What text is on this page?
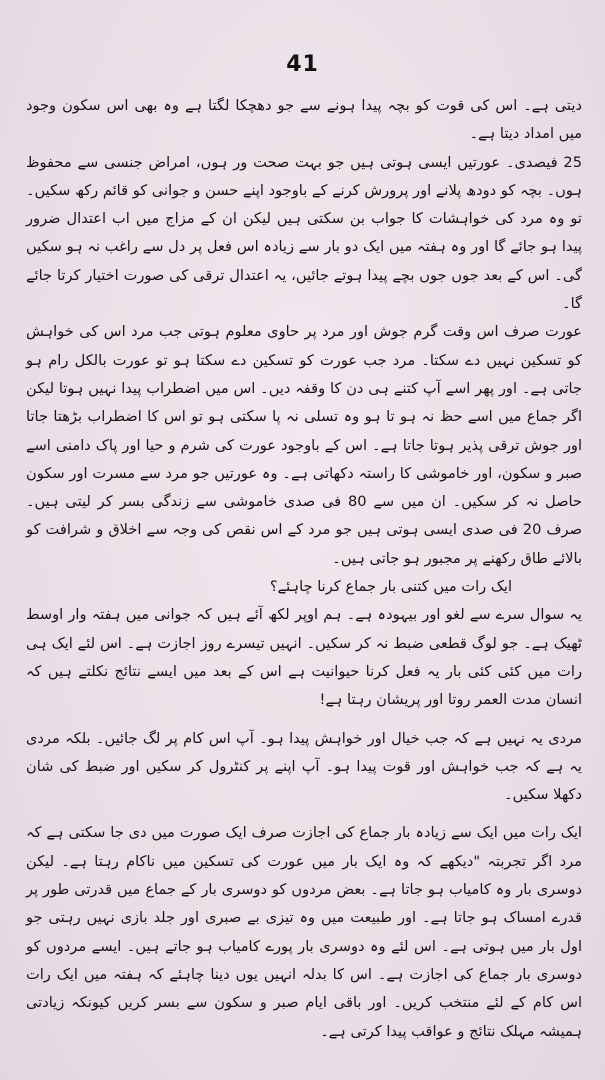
41

دیتی ہے۔ اس کی قوت کو بچہ پیدا ہونے سے جو دھچکا لگتا ہے وہ بھی اس سکون وجود میں امداد دیتا ہے۔

25 فیصدی۔ عورتیں ایسی ہوتی ہیں جو بہت صحت ور ہوں، امراض جنسی سے محفوظ ہوں۔ بچہ کو دودھ پلانے اور پرورش کرنے کے باوجود اپنے حسن و جوانی کو قائم رکھ سکیں۔ تو وہ مرد کی خواہشات کا جواب بن سکتی ہیں لیکن ان کے مزاج میں اب اعتدال ضرور پیدا ہو جائے گا اور وہ ہفتہ میں ایک دو بار سے زیادہ اس فعل پر دل سے راغب نہ ہو سکیں گی۔ اس کے بعد جوں جوں بچے پیدا ہوتے جائیں، یہ اعتدال ترقی کی صورت اختیار کرتا جائے گا۔

عورت صرف اس وقت گرم جوش اور مرد پر حاوی معلوم ہوتی جب مرد اس کی خواہش کو تسکین نہیں دے سکتا۔ مرد جب عورت کو تسکین دے سکتا ہو تو عورت بالکل رام ہو جاتی ہے۔ اور پھر اسے آپ کتنے ہی دن کا وقفہ دیں۔ اس میں اضطراب پیدا نہیں ہوتا لیکن اگر جماع میں اسے حظ نہ ہو تا ہو وہ تسلی نہ پا سکتی ہو تو اس کا اضطراب بڑھتا جاتا اور جوش ترقی پذیر ہوتا جاتا ہے۔ اس کے باوجود عورت کی شرم و حیا اور پاک دامنی اسے صبر و سکون، اور خاموشی کا راستہ دکھاتی ہے۔ وہ عورتیں جو مرد سے مسرت اور سکون حاصل نہ کر سکیں۔ ان میں سے 80 فی صدی خاموشی سے زندگی بسر کر لیتی ہیں۔ صرف 20 فی صدی ایسی ہوتی ہیں جو مرد کے اس نقص کی وجہ سے اخلاق و شرافت کو بالائے طاق رکھنے پر مجبور ہو جاتی ہیں۔

ایک رات میں کتنی بار جماع کرنا چاہئے؟

یہ سوال سرے سے لغو اور بیہودہ ہے۔ ہم اوپر لکھ آئے ہیں کہ جوانی میں ہفتہ وار اوسط ٹھیک ہے۔ جو لوگ قطعی ضبط نہ کر سکیں۔ انہیں تیسرے روز اجازت ہے۔ اس لئے ایک ہی رات میں کئی کئی بار یہ فعل کرنا حیوانیت ہے اس کے بعد میں ایسے نتائج نکلتے ہیں کہ انسان مدت العمر روتا اور پریشان رہتا ہے!

مردی یہ نہیں ہے کہ جب خیال اور خواہش پیدا ہو۔ آپ اس کام پر لگ جائیں۔ بلکہ مردی یہ ہے کہ جب خواہش اور قوت پیدا ہو۔ آپ اپنے پر کنٹرول کر سکیں اور ضبط کی شان دکھلا سکیں۔

ایک رات میں ایک سے زیادہ بار جماع کی اجازت صرف ایک صورت میں دی جا سکتی ہے کہ مرد اگر تجربتہ "دیکھے کہ وہ ایک بار میں عورت کی تسکین میں ناکام رہتا ہے۔ لیکن دوسری بار وہ کامیاب ہو جاتا ہے۔ بعض مردوں کو دوسری بار کے جماع میں قدرتی طور پر قدرے امساک ہو جاتا ہے۔ اور طبیعت میں وہ تیزی بے صبری اور جلد بازی نہیں رہتی جو اول بار میں ہوتی ہے۔ اس لئے وہ دوسری بار پورے کامیاب ہو جاتے ہیں۔ ایسے مردوں کو دوسری بار جماع کی اجازت ہے۔ اس کا بدلہ انہیں یوں دینا چاہئے کہ ہفتہ میں ایک رات اس کام کے لئے منتخب کریں۔ اور باقی ایام صبر و سکون سے بسر کریں کیونکہ زیادتی ہمیشہ مہلک نتائج و عواقب پیدا کرتی ہے۔
